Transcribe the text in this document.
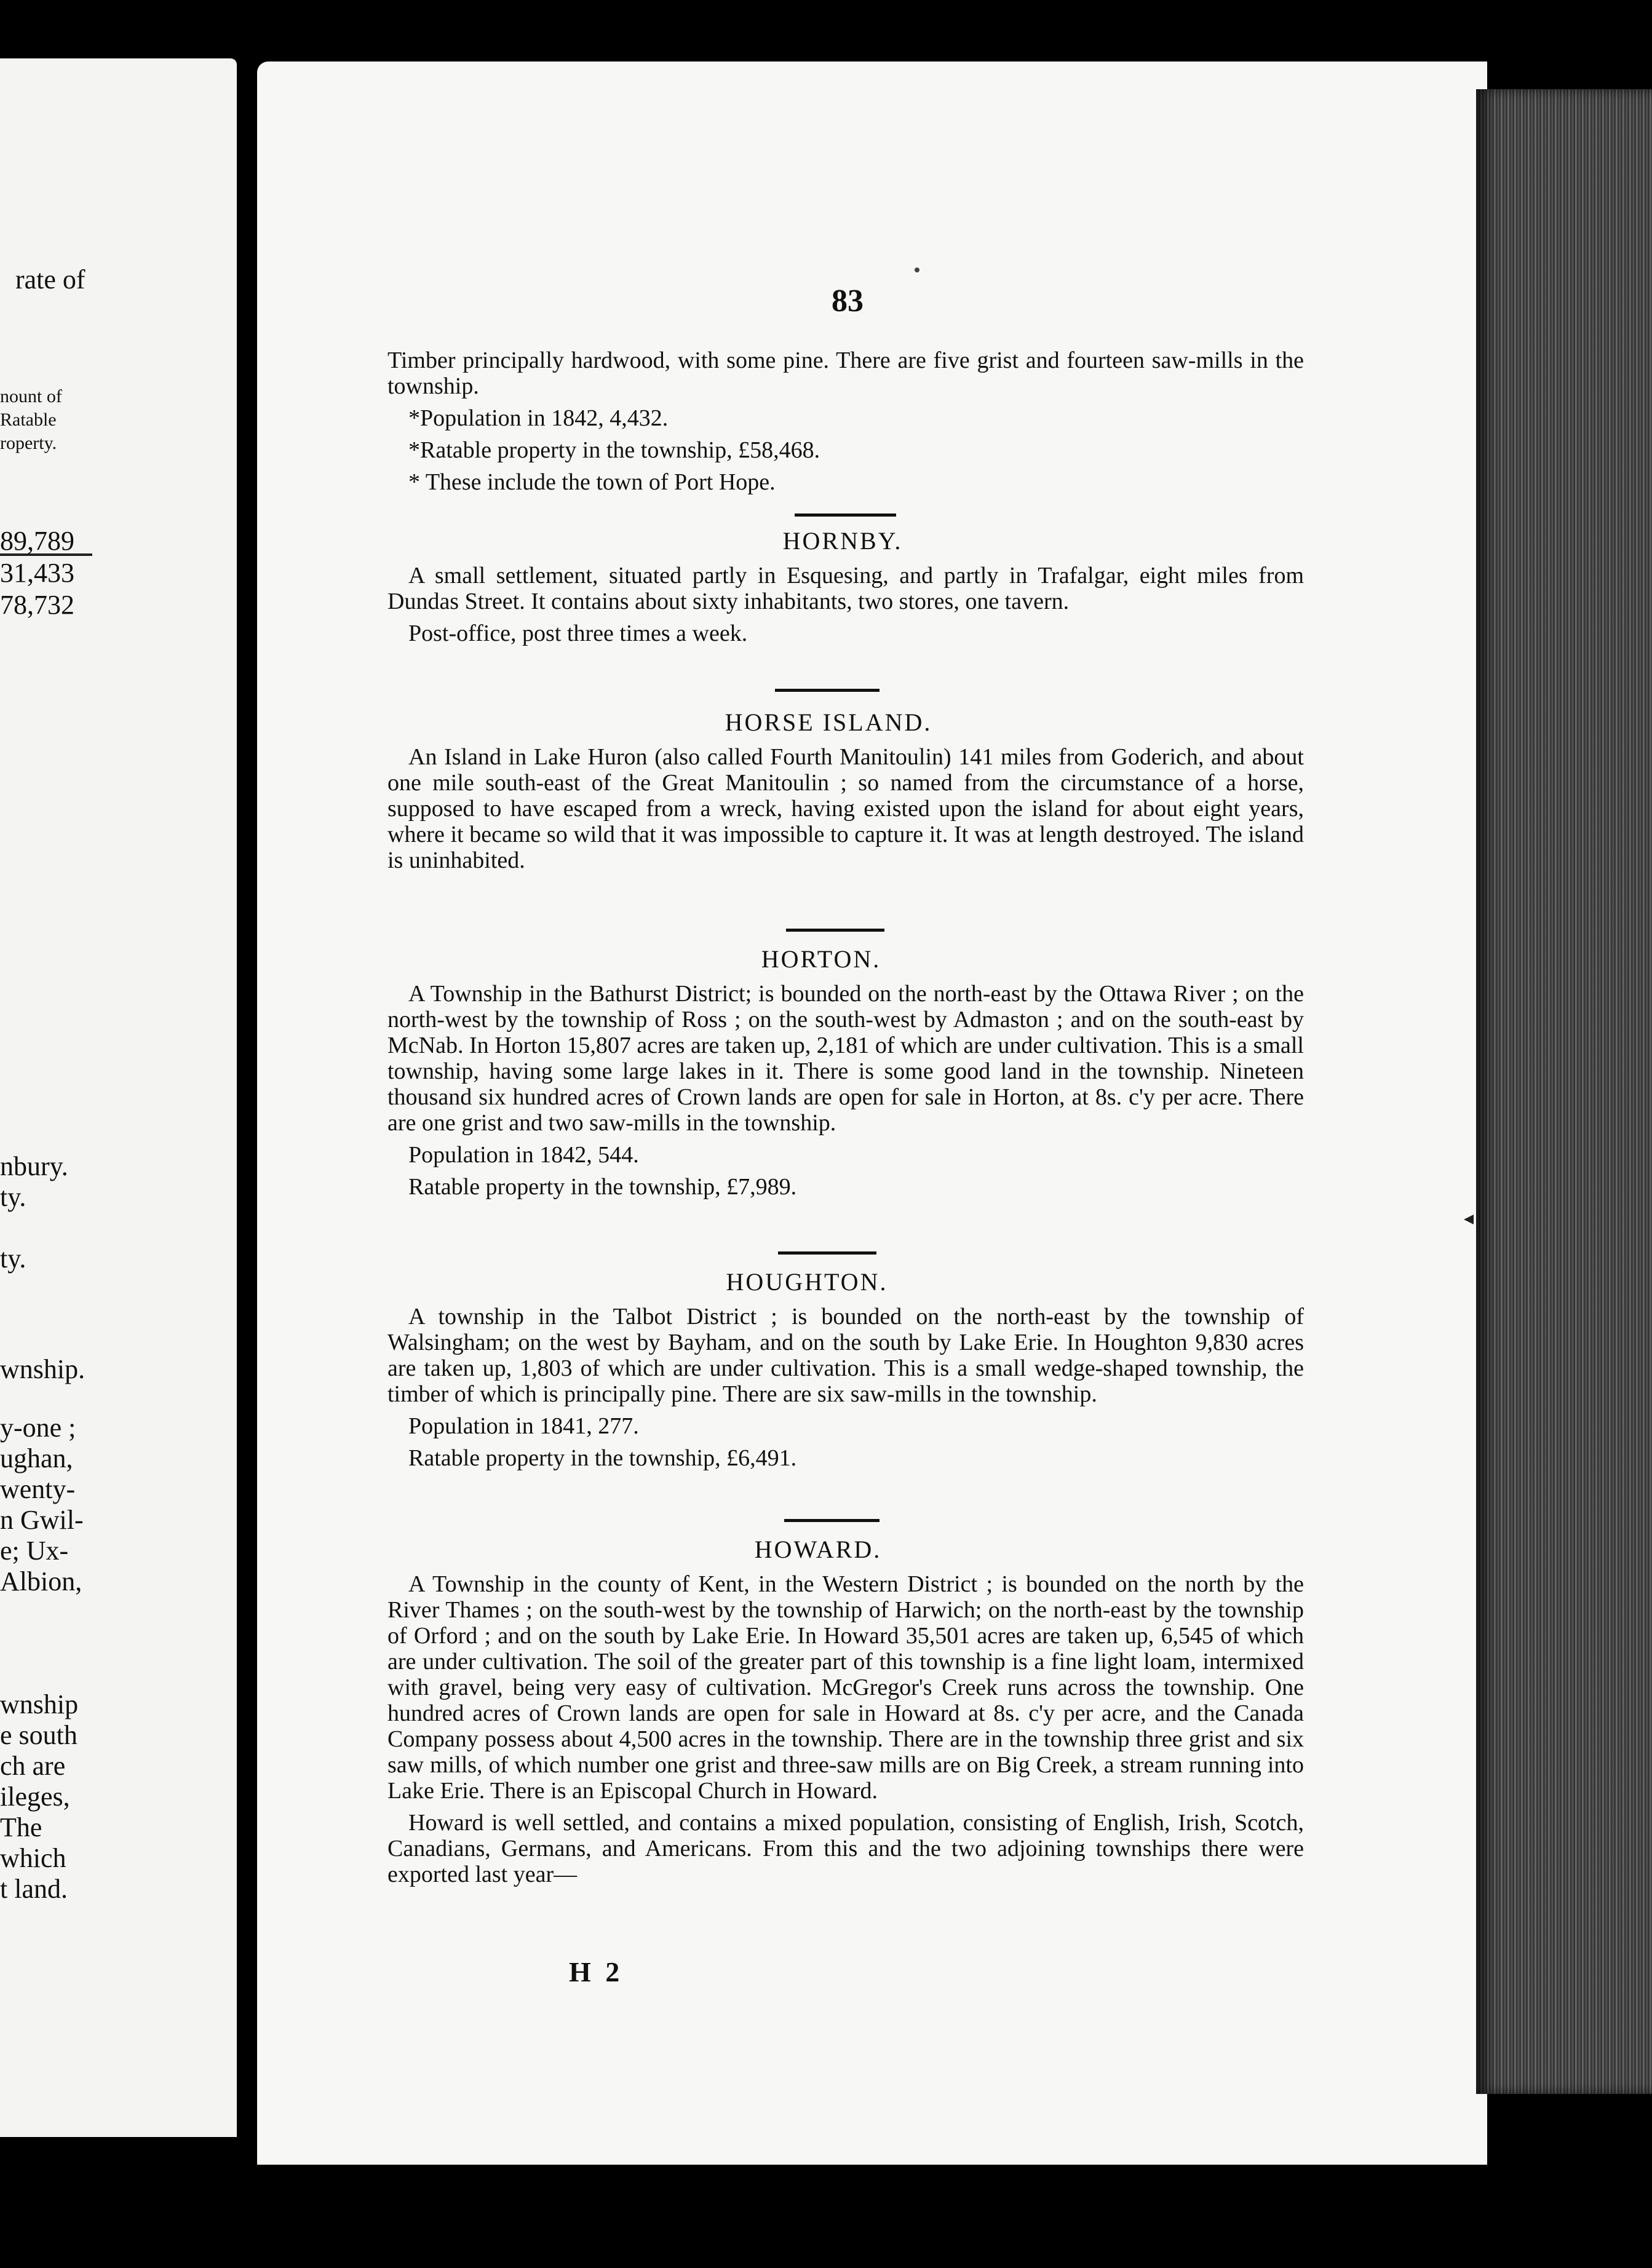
rate of
nount of
Ratable
roperty.
89,789
31,433
78,732
nbury.
ty.
ty.
wnship.
y-one ;
ughan,
wenty-
n Gwil-
e; Ux-
Albion,
wnship
e south
ch are
ileges,
The
which
t land.
83

Timber principally hardwood, with some pine. There are five grist and fourteen saw-mills in the township.

*Population in 1842, 4,432.

*Ratable property in the township, £58,468.

* These include the town of Port Hope.

HORNBY.

A small settlement, situated partly in Esquesing, and partly in Trafalgar, eight miles from Dundas Street. It contains about sixty inhabitants, two stores, one tavern.

Post-office, post three times a week.

HORSE ISLAND.

An Island in Lake Huron (also called Fourth Manitoulin) 141 miles from Goderich, and about one mile south-east of the Great Manitoulin ; so named from the circumstance of a horse, supposed to have escaped from a wreck, having existed upon the island for about eight years, where it became so wild that it was impossible to capture it. It was at length destroyed. The island is uninhabited.

HORTON.

A Township in the Bathurst District; is bounded on the north-east by the Ottawa River ; on the north-west by the township of Ross ; on the south-west by Admaston ; and on the south-east by McNab. In Horton 15,807 acres are taken up, 2,181 of which are under cultivation. This is a small township, having some large lakes in it. There is some good land in the township. Nineteen thousand six hundred acres of Crown lands are open for sale in Horton, at 8s. c'y per acre. There are one grist and two saw-mills in the township.

Population in 1842, 544.

Ratable property in the township, £7,989.

HOUGHTON.

A township in the Talbot District ; is bounded on the north-east by the township of Walsingham; on the west by Bayham, and on the south by Lake Erie. In Houghton 9,830 acres are taken up, 1,803 of which are under cultivation. This is a small wedge-shaped township, the timber of which is principally pine. There are six saw-mills in the township.

Population in 1841, 277.

Ratable property in the township, £6,491.

HOWARD.

A Township in the county of Kent, in the Western District ; is bounded on the north by the River Thames ; on the south-west by the township of Harwich; on the north-east by the township of Orford ; and on the south by Lake Erie. In Howard 35,501 acres are taken up, 6,545 of which are under cultivation. The soil of the greater part of this township is a fine light loam, intermixed with gravel, being very easy of cultivation. McGregor's Creek runs across the township. One hundred acres of Crown lands are open for sale in Howard at 8s. c'y per acre, and the Canada Company possess about 4,500 acres in the township. There are in the township three grist and six saw mills, of which number one grist and three-saw mills are on Big Creek, a stream running into Lake Erie. There is an Episcopal Church in Howard.

Howard is well settled, and contains a mixed population, consisting of English, Irish, Scotch, Canadians, Germans, and Americans. From this and the two adjoining townships there were exported last year—

H 2
